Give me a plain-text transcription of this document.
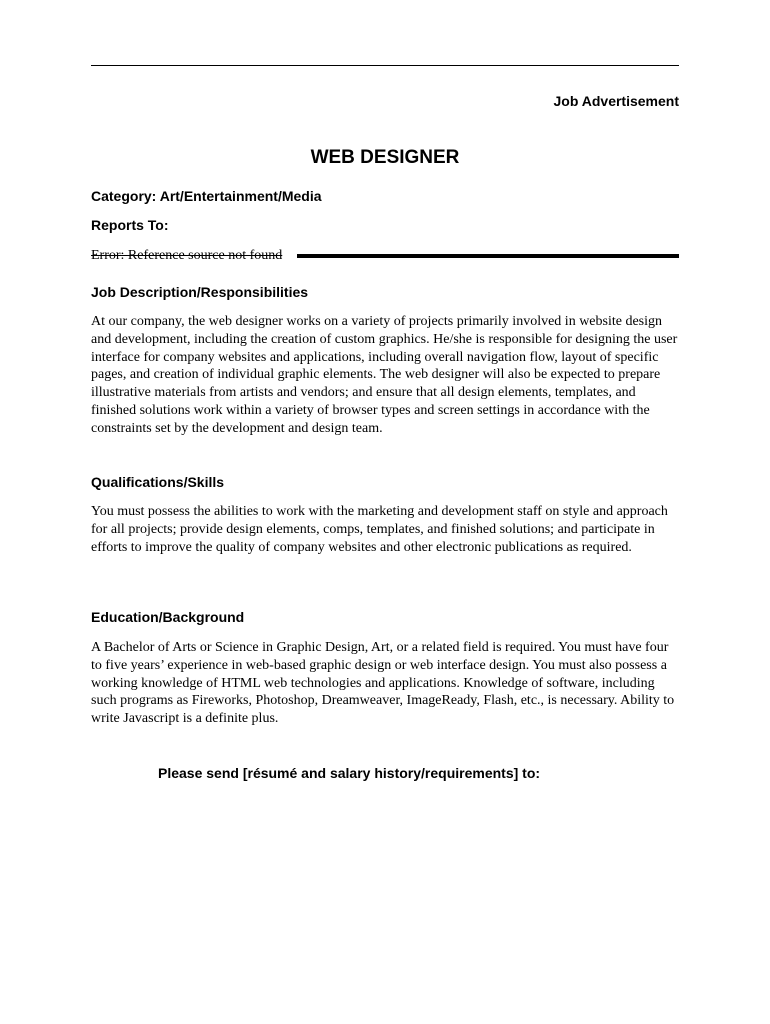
Job Advertisement
WEB DESIGNER
Category: Art/Entertainment/Media
Reports To:
Error: Reference source not found
Job Description/Responsibilities

At our company, the web designer works on a variety of projects primarily involved in website design and development, including the creation of custom graphics. He/she is responsible for designing the user interface for company websites and applications, including overall navigation flow, layout of specific pages, and creation of individual graphic elements. The web designer will also be expected to prepare illustrative materials from artists and vendors; and ensure that all design elements, templates, and finished solutions work within a variety of browser types and screen settings in accordance with the constraints set by the development and design team.

Qualifications/Skills

You must possess the abilities to work with the marketing and development staff on style and approach for all projects; provide design elements, comps, templates, and finished solutions; and participate in efforts to improve the quality of company websites and other electronic publications as required.

Education/Background

A Bachelor of Arts or Science in Graphic Design, Art, or a related field is required. You must have four to five years’ experience in web-based graphic design or web interface design. You must also possess a working knowledge of HTML web technologies and applications. Knowledge of software, including such programs as Fireworks, Photoshop, Dreamweaver, ImageReady, Flash, etc., is necessary. Ability to write Javascript is a definite plus.

Please send [résumé and salary history/requirements] to:
